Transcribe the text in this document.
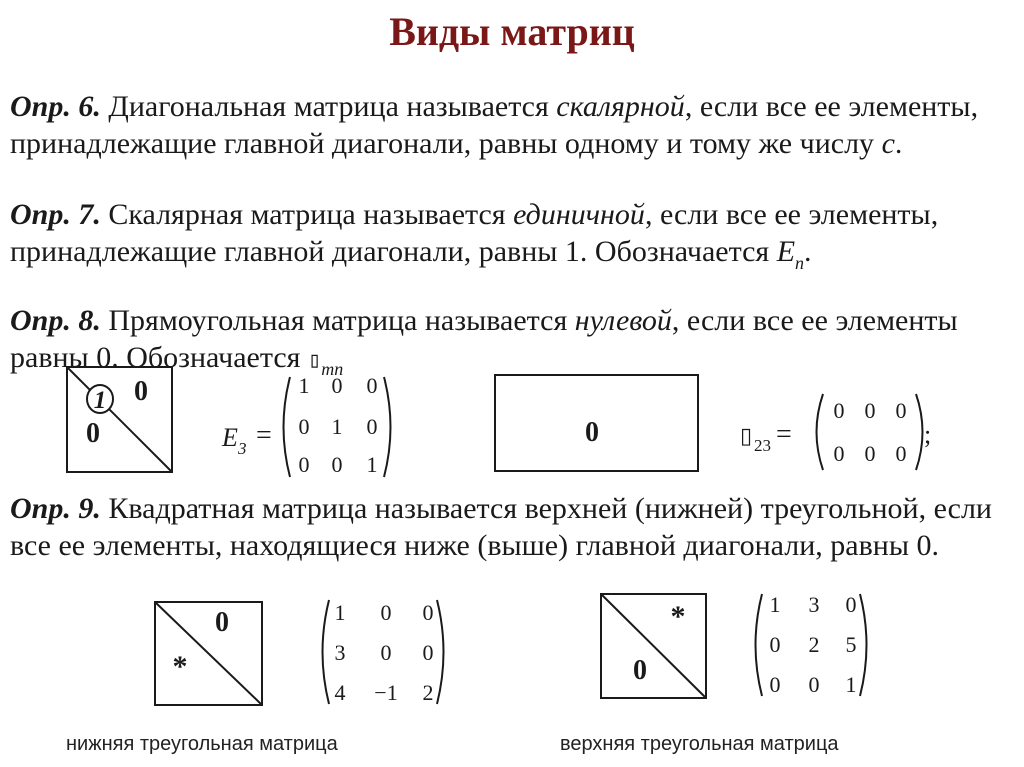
Виды матриц
Опр. 6. Диагональная матрица называется скалярной, если все ее элементы, принадлежащие главной диагонали, равны одному и тому же числу c.
Опр. 7. Скалярная матрица называется единичной, если все ее элементы, принадлежащие главной диагонали, равны 1. Обозначается $E_n$.
Опр. 8. Прямоугольная матрица называется нулевой, если все ее элементы равны 0. Обозначается $▯_{mn}$
Опр. 9. Квадратная матрица называется верхней (нижней) треугольной, если все ее элементы, находящиеся ниже (выше) главной диагонали, равны 0.
1 0
0	E 3 =
1 0 0
0 1 0
0 0 1
0	▯ 23 =
0 0 0
0 0 0
;
0
*
1 0 0
3 0 0
4 −1 2
*
0
1 3 0
0 2 5
0 0 1
нижняя треугольная матрица	верхняя треугольная матрица
